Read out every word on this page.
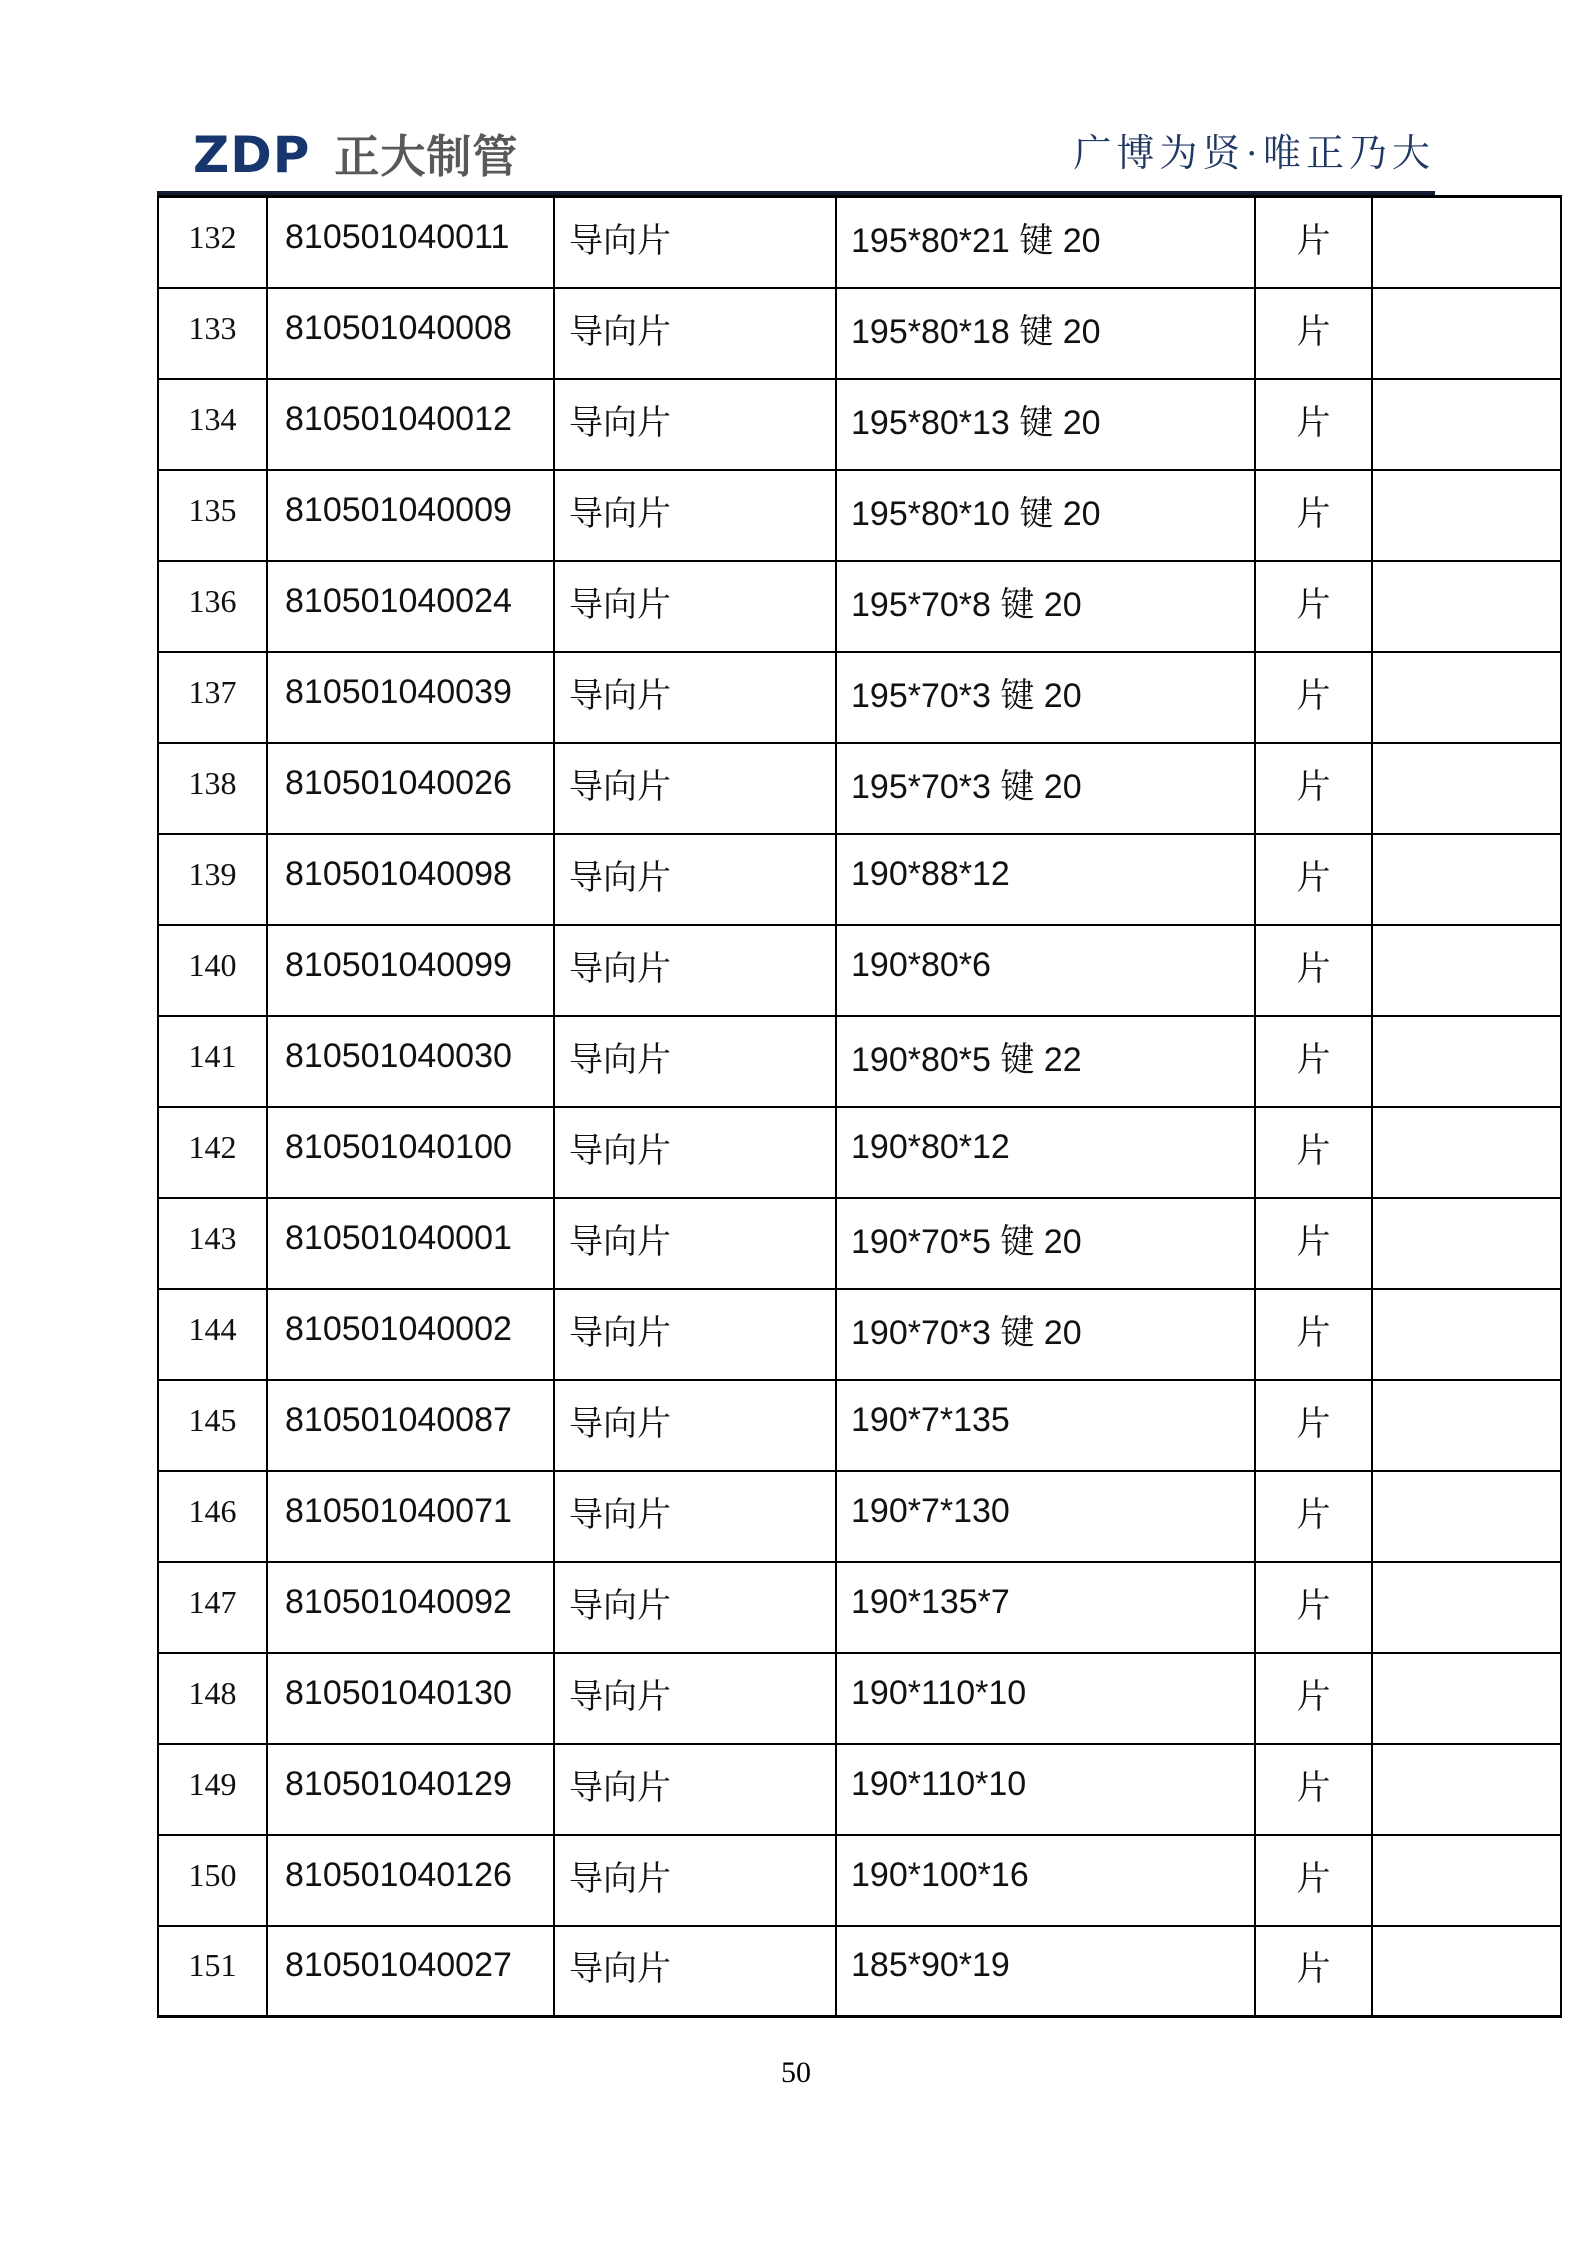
ZDP 正大制管	广博为贤·唯正乃大
132	810501040011	导向片	195*80*21 键 20	片	
133	810501040008	导向片	195*80*18 键 20	片	
134	810501040012	导向片	195*80*13 键 20	片	
135	810501040009	导向片	195*80*10 键 20	片	
136	810501040024	导向片	195*70*8 键 20	片	
137	810501040039	导向片	195*70*3 键 20	片	
138	810501040026	导向片	195*70*3 键 20	片	
139	810501040098	导向片	190*88*12	片	
140	810501040099	导向片	190*80*6	片	
141	810501040030	导向片	190*80*5 键 22	片	
142	810501040100	导向片	190*80*12	片	
143	810501040001	导向片	190*70*5 键 20	片	
144	810501040002	导向片	190*70*3 键 20	片	
145	810501040087	导向片	190*7*135	片	
146	810501040071	导向片	190*7*130	片	
147	810501040092	导向片	190*135*7	片	
148	810501040130	导向片	190*110*10	片	
149	810501040129	导向片	190*110*10	片	
150	810501040126	导向片	190*100*16	片	
151	810501040027	导向片	185*90*19	片	
50
